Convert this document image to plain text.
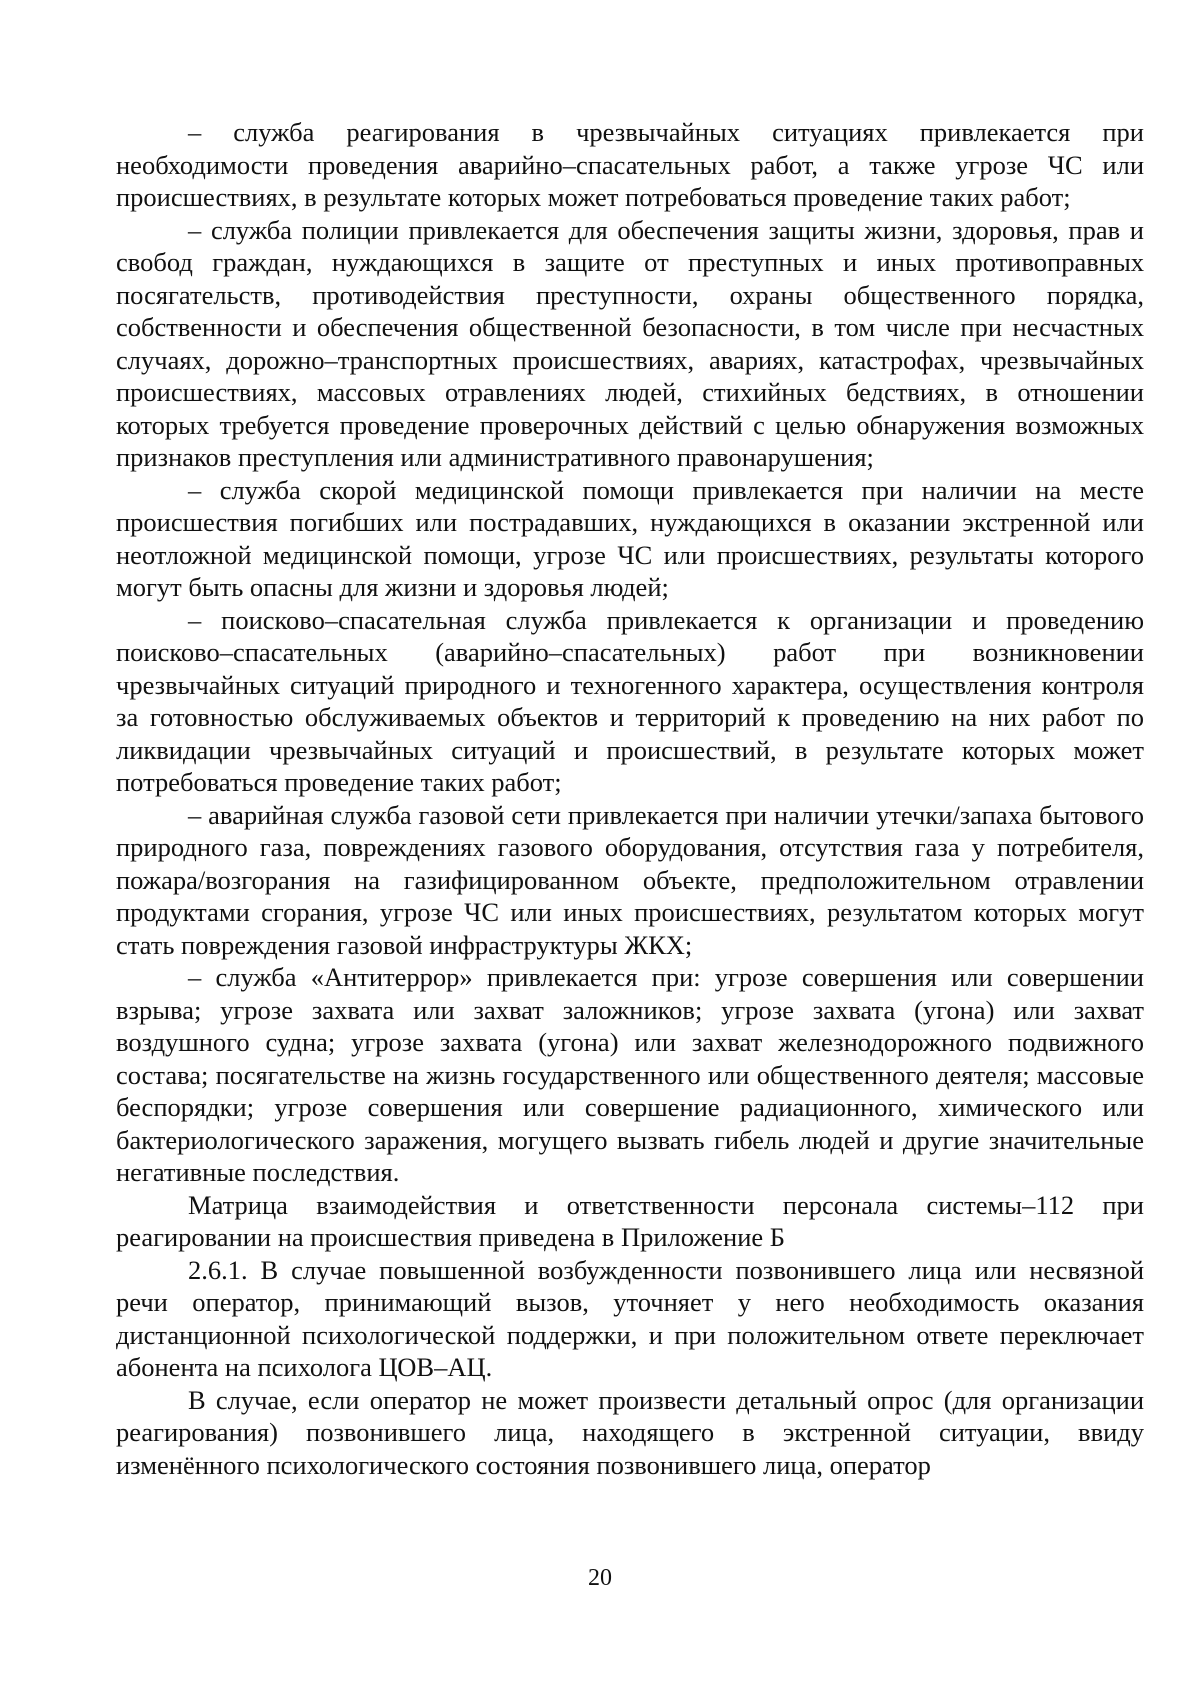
– служба реагирования в чрезвычайных ситуациях привлекается при необходимости проведения аварийно–спасательных работ, а также угрозе ЧС или происшествиях, в результате которых может потребоваться проведение таких работ;

– служба полиции привлекается для обеспечения защиты жизни, здоровья, прав и свобод граждан, нуждающихся в защите от преступных и иных противоправных посягательств, противодействия преступности, охраны общественного порядка, собственности и обеспечения общественной безопасности, в том числе при несчастных случаях, дорожно–транспортных происшествиях, авариях, катастрофах, чрезвычайных происшествиях, массовых отравлениях людей, стихийных бедствиях, в отношении которых требуется проведение проверочных действий с целью обнаружения возможных признаков преступления или административного правонарушения;

– служба скорой медицинской помощи привлекается при наличии на месте происшествия погибших или пострадавших, нуждающихся в оказании экстренной или неотложной медицинской помощи, угрозе ЧС или происшествиях, результаты которого могут быть опасны для жизни и здоровья людей;

– поисково–спасательная служба привлекается к организации и проведению поисково–спасательных (аварийно–спасательных) работ при возникновении чрезвычайных ситуаций природного и техногенного характера, осуществления контроля за готовностью обслуживаемых объектов и территорий к проведению на них работ по ликвидации чрезвычайных ситуаций и происшествий, в результате которых может потребоваться проведение таких работ;

– аварийная служба газовой сети привлекается при наличии утечки/запаха бытового природного газа, повреждениях газового оборудования, отсутствия газа у потребителя, пожара/возгорания на газифицированном объекте, предположительном отравлении продуктами сгорания, угрозе ЧС или иных происшествиях, результатом которых могут стать повреждения газовой инфраструктуры ЖКХ;

– служба «Антитеррор» привлекается при: угрозе совершения или совершении взрыва; угрозе захвата или захват заложников; угрозе захвата (угона) или захват воздушного судна; угрозе захвата (угона) или захват железнодорожного подвижного состава; посягательстве на жизнь государственного или общественного деятеля; массовые беспорядки; угрозе совершения или совершение радиационного, химического или бактериологического заражения, могущего вызвать гибель людей и другие значительные негативные последствия.

Матрица взаимодействия и ответственности персонала системы–112 при реагировании на происшествия приведена в Приложение Б

2.6.1. В случае повышенной возбужденности позвонившего лица или несвязной речи оператор, принимающий вызов, уточняет у него необходимость оказания дистанционной психологической поддержки, и при положительном ответе переключает абонента на психолога ЦОВ–АЦ.

В случае, если оператор не может произвести детальный опрос (для организации реагирования) позвонившего лица, находящего в экстренной ситуации, ввиду изменённого психологического состояния позвонившего лица, оператор

20
